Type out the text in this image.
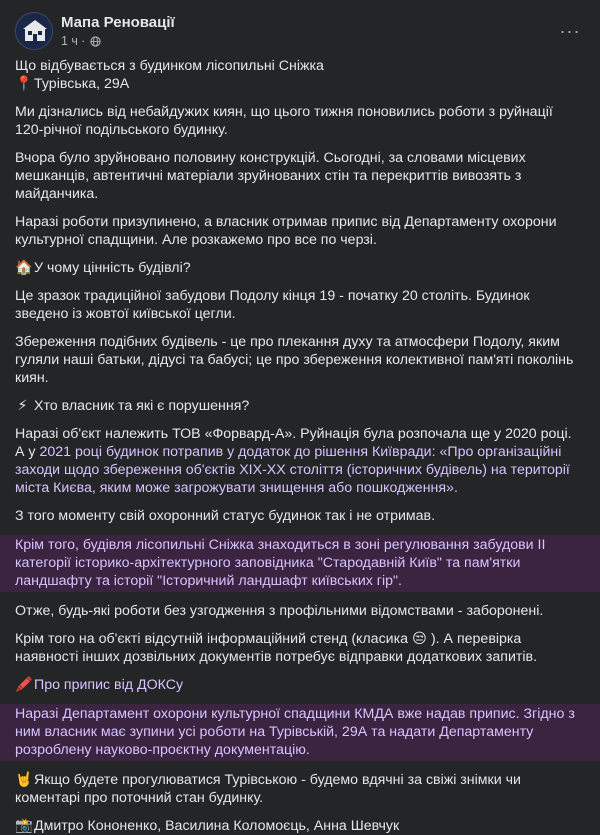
Мапа Реновації
1 ч ·
···

Що відбувається з будинком лісопильні Сніжка

📍Турівська, 29А

Ми дізнались від небайдужих киян, що цього тижня поновились роботи з руйнації 120-річної подільського будинку.

Вчора було зруйновано половину конструкцій. Сьогодні, за словами місцевих мешканців, автентичні матеріали зруйнованих стін та перекриттів вивозять з майданчика.

Наразі роботи призупинено, а власник отримав припис від Департаменту охорони культурної спадщини. Але розкажемо про все по черзі.

🏠У чому цінність будівлі?

Це зразок традиційної забудови Подолу кінця 19 - початку 20 століть. Будинок зведено із жовтої київської цегли.

Збереження подібних будівель - це про плекання духу та атмосфери Подолу, яким гуляли наші батьки, дідусі та бабусі; це про збереження колективної пам'яті поколінь киян.

⚡ Хто власник та які є порушення?

Наразі об'єкт належить ТОВ «Форвард-А». Руйнація була розпочала ще у 2020 році. А у 2021 році будинок потрапив у додаток до рішення Київради: «Про організаційні заходи щодо збереження об'єктів XIX-XX століття (історичних будівель) на території міста Києва, яким може загрожувати знищення або пошкодження».

З того моменту свій охоронний статус будинок так і не отримав.

Крім того, будівля лісопильні Сніжка знаходиться в зоні регулювання забудови ІІ категорії історико-архітектурного заповідника "Стародавній Київ" та пам'ятки ландшафту та історії "Історичний ландшафт київських гір".

Отже, будь-які роботи без узгодження з профільними відомствами - заборонені.

Крім того на об'єкті відсутній інформаційний стенд (класика 😒 ). А перевірка наявності інших дозвільних документів потребує відправки додаткових запитів.

🖍️Про припис від ДОКСу

Наразі Департамент охорони культурної спадщини КМДА вже надав припис. Згідно з ним власник має зупини усі роботи на Турівській, 29А та надати Департаменту розроблену науково-проєктну документацію.

🤘Якщо будете прогулюватися Турівською - будемо вдячні за свіжі знімки чи коментарі про поточний стан будинку.

📸Дмитро Кононенко, Василина Коломоєць, Анна Шевчук
